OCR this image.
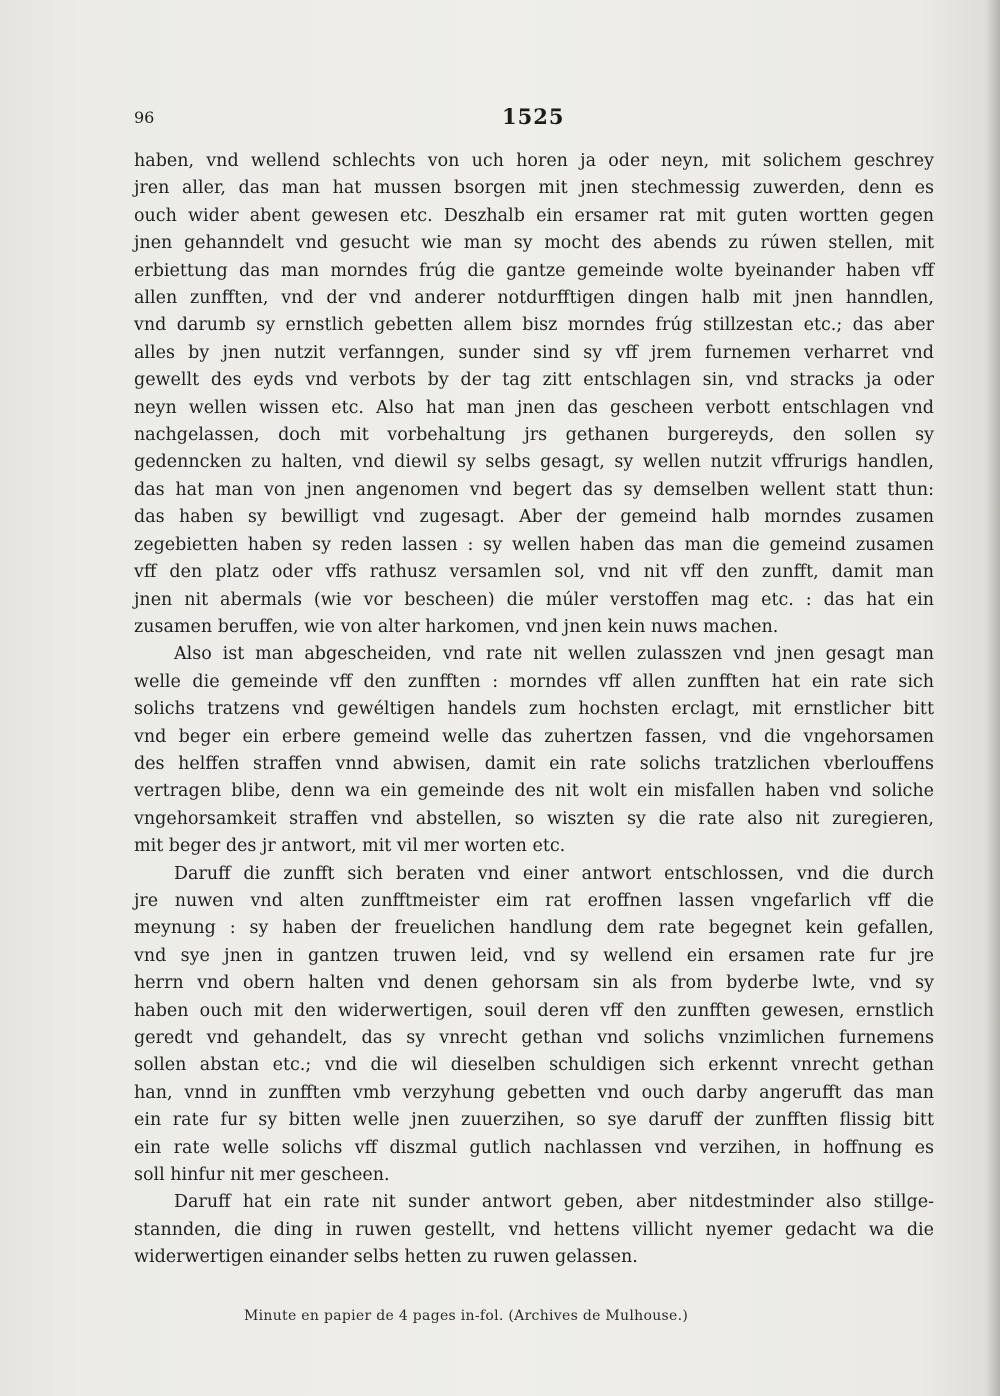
96	1525

haben, vnd wellend schlechts von uch horen ja oder neyn, mit solichem geschrey

jren aller, das man hat mussen bsorgen mit jnen stechmessig zuwerden, denn es

ouch wider abent gewesen etc. Deszhalb ein ersamer rat mit guten wortten gegen

jnen gehanndelt vnd gesucht wie man sy mocht des abends zu rúwen stellen, mit

erbiettung das man morndes frúg die gantze gemeinde wolte byeinander haben vff

allen zunfften, vnd der vnd anderer notdurfftigen dingen halb mit jnen hanndlen,

vnd darumb sy ernstlich gebetten allem bisz morndes frúg stillzestan etc.; das aber

alles by jnen nutzit verfanngen, sunder sind sy vff jrem furnemen verharret vnd

gewellt des eyds vnd verbots by der tag zitt entschlagen sin, vnd stracks ja oder

neyn wellen wissen etc. Also hat man jnen das gescheen verbott entschlagen vnd

nachgelassen, doch mit vorbehaltung jrs gethanen burgereyds, den sollen sy

gedenncken zu halten, vnd diewil sy selbs gesagt, sy wellen nutzit vffrurigs handlen,

das hat man von jnen angenomen vnd begert das sy demselben wellent statt thun:

das haben sy bewilligt vnd zugesagt. Aber der gemeind halb morndes zusamen

zegebietten haben sy reden lassen : sy wellen haben das man die gemeind zusamen

vff den platz oder vffs rathusz versamlen sol, vnd nit vff den zunfft, damit man

jnen nit abermals (wie vor bescheen) die múler verstoffen mag etc. : das hat ein

zusamen beruffen, wie von alter harkomen, vnd jnen kein nuws machen.

Also ist man abgescheiden, vnd rate nit wellen zulasszen vnd jnen gesagt man

welle die gemeinde vff den zunfften : morndes vff allen zunfften hat ein rate sich

solichs tratzens vnd gewéltigen handels zum hochsten erclagt, mit ernstlicher bitt

vnd beger ein erbere gemeind welle das zuhertzen fassen, vnd die vngehorsamen

des helffen straffen vnnd abwisen, damit ein rate solichs tratzlichen vberlouffens

vertragen blibe, denn wa ein gemeinde des nit wolt ein misfallen haben vnd soliche

vngehorsamkeit straffen vnd abstellen, so wiszten sy die rate also nit zuregieren,

mit beger des jr antwort, mit vil mer worten etc.

Daruff die zunfft sich beraten vnd einer antwort entschlossen, vnd die durch

jre nuwen vnd alten zunfftmeister eim rat eroffnen lassen vngefarlich vff die

meynung : sy haben der freuelichen handlung dem rate begegnet kein gefallen,

vnd sye jnen in gantzen truwen leid, vnd sy wellend ein ersamen rate fur jre

herrn vnd obern halten vnd denen gehorsam sin als from byderbe lwte, vnd sy

haben ouch mit den widerwertigen, souil deren vff den zunfften gewesen, ernstlich

geredt vnd gehandelt, das sy vnrecht gethan vnd solichs vnzimlichen furnemens

sollen abstan etc.; vnd die wil dieselben schuldigen sich erkennt vnrecht gethan

han, vnnd in zunfften vmb verzyhung gebetten vnd ouch darby angerufft das man

ein rate fur sy bitten welle jnen zuuerzihen, so sye daruff der zunfften flissig bitt

ein rate welle solichs vff diszmal gutlich nachlassen vnd verzihen, in hoffnung es

soll hinfur nit mer gescheen.

Daruff hat ein rate nit sunder antwort geben, aber nitdestminder also stillge-

stannden, die ding in ruwen gestellt, vnd hettens villicht nyemer gedacht wa die

widerwertigen einander selbs hetten zu ruwen gelassen.

Minute en papier de 4 pages in-fol. (Archives de Mulhouse.)
